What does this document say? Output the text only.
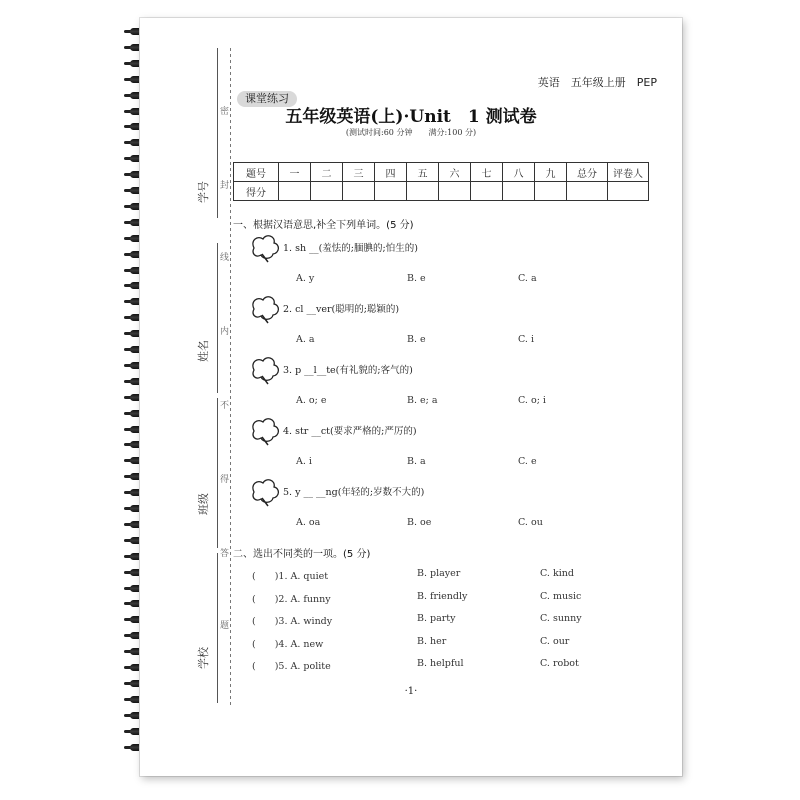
学号
姓名
班级
学校
密
封
线
内
不
得
答
题
英语　五年级上册　PEP
课堂练习
五年级英语(上)·Unit　1 测试卷
(测试时间:60 分钟　　满分:100 分)
题号	一	二	三	四	五	六	七	八	九	总分	评卷人
得分											
一、根据汉语意思,补全下列单词。(5 分)
1. sh __(羞怯的;腼腆的;怕生的)
A. y	B. e	C. a
2. cl __ver(聪明的;聪颖的)
A. a	B. e	C. i
3. p __l__te(有礼貌的;客气的)
A. o; e	B. e; a	C. o; i
4. str __ct(要求严格的;严厉的)
A. i	B. a	C. e
5. y __ __ng(年轻的;岁数不大的)
A. oa	B. oe	C. ou
二、选出不同类的一项。(5 分)
(　　)1. A. quiet	B. player	C. kind
(　　)2. A. funny	B. friendly	C. music
(　　)3. A. windy	B. party	C. sunny
(　　)4. A. new	B. her	C. our
(　　)5. A. polite	B. helpful	C. robot
·1·
